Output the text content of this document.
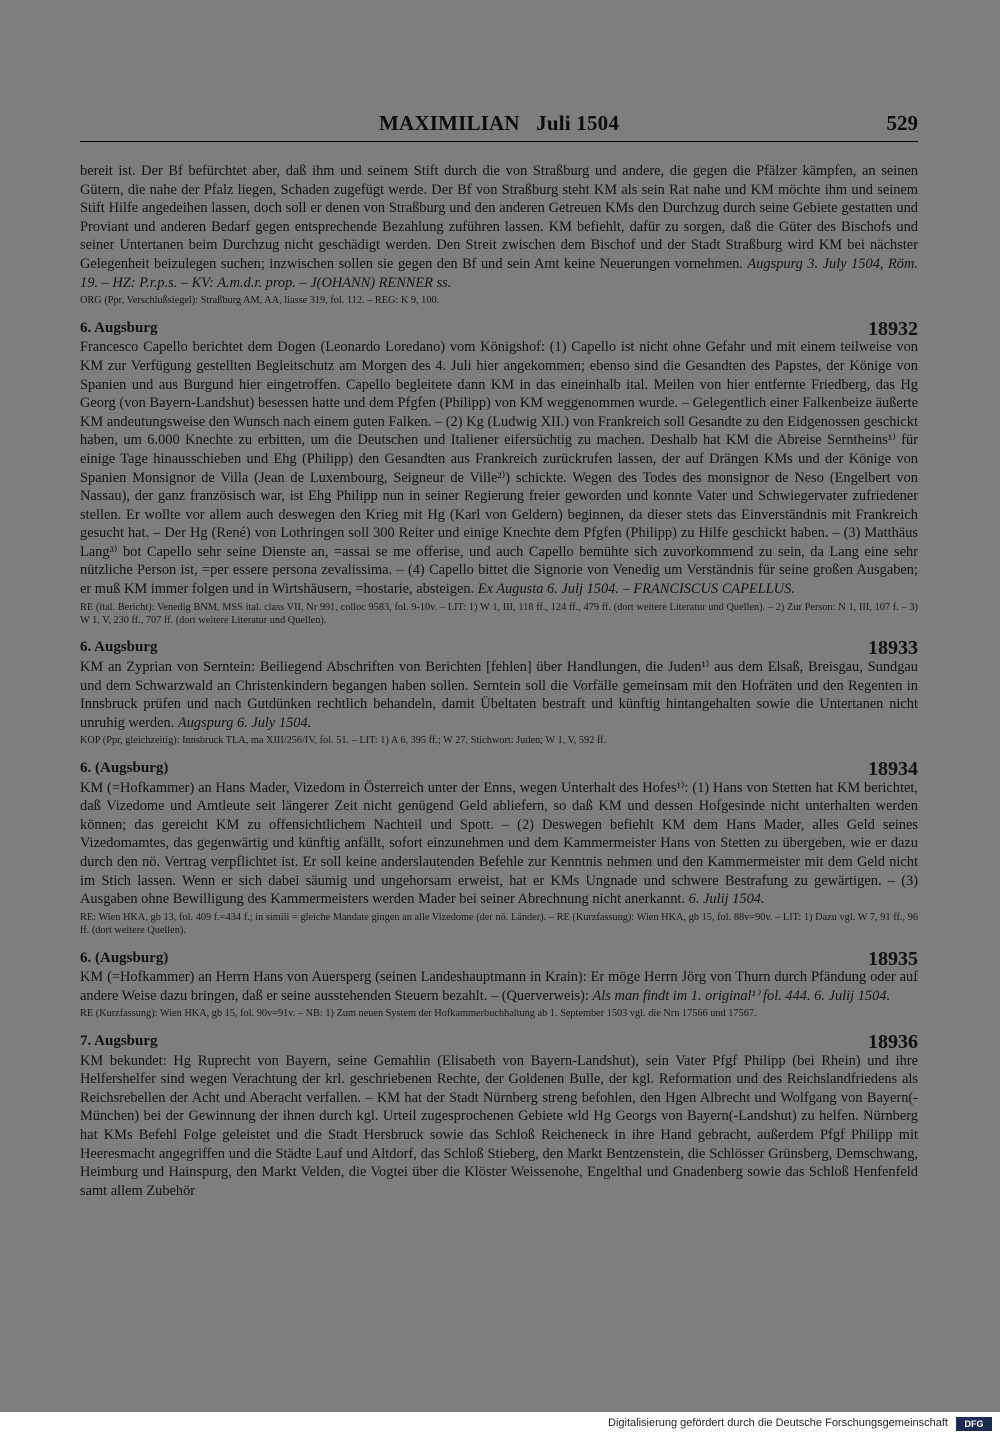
MAXIMILIAN Juli 1504	529

bereit ist. Der Bf befürchtet aber, daß ihm und seinem Stift durch die von Straßburg und andere, die gegen die Pfälzer kämpfen, an seinen Gütern, die nahe der Pfalz liegen, Schaden zugefügt werde. Der Bf von Straßburg steht KM als sein Rat nahe und KM möchte ihm und seinem Stift Hilfe angedeihen lassen, doch soll er denen von Straßburg und den anderen Getreuen KMs den Durchzug durch seine Gebiete gestatten und Proviant und anderen Bedarf gegen entsprechende Bezahlung zuführen lassen. KM befiehlt, dafür zu sorgen, daß die Güter des Bischofs und seiner Untertanen beim Durchzug nicht geschädigt werden. Den Streit zwischen dem Bischof und der Stadt Straßburg wird KM bei nächster Gelegenheit beizulegen suchen; inzwischen sollen sie gegen den Bf und sein Amt keine Neuerungen vornehmen. Augspurg 3. July 1504, Röm. 19. – HZ: P.r.p.s. – KV: A.m.d.r. prop. – J(OHANN) RENNER ss.

ORG (Ppr, Verschlußsiegel): Straßburg AM, AA, liasse 319, fol. 112. – REG: K 9, 100.

6. Augsburg	18932

Francesco Capello berichtet dem Dogen (Leonardo Loredano) vom Königshof: (1) Capello ist nicht ohne Gefahr und mit einem teilweise von KM zur Verfügung gestellten Begleitschutz am Morgen des 4. Juli hier angekommen; ebenso sind die Gesandten des Papstes, der Könige von Spanien und aus Burgund hier eingetroffen. Capello begleitete dann KM in das eineinhalb ital. Meilen von hier entfernte Friedberg, das Hg Georg (von Bayern-Landshut) besessen hatte und dem Pfgfen (Philipp) von KM weggenommen wurde. – Gelegentlich einer Falkenbeize äußerte KM andeutungsweise den Wunsch nach einem guten Falken. – (2) Kg (Ludwig XII.) von Frankreich soll Gesandte zu den Eidgenossen geschickt haben, um 6.000 Knechte zu erbitten, um die Deutschen und Italiener eifersüchtig zu machen. Deshalb hat KM die Abreise Serntheins¹⁾ für einige Tage hinausschieben und Ehg (Philipp) den Gesandten aus Frankreich zurückrufen lassen, der auf Drängen KMs und der Könige von Spanien Monsignor de Villa (Jean de Luxembourg, Seigneur de Ville²⁾) schickte. Wegen des Todes des monsignor de Neso (Engelbert von Nassau), der ganz französisch war, ist Ehg Philipp nun in seiner Regierung freier geworden und konnte Vater und Schwiegervater zufriedener stellen. Er wollte vor allem auch deswegen den Krieg mit Hg (Karl von Geldern) beginnen, da dieser stets das Einverständnis mit Frankreich gesucht hat. – Der Hg (René) von Lothringen soll 300 Reiter und einige Knechte dem Pfgfen (Philipp) zu Hilfe geschickt haben. – (3) Matthäus Lang³⁾ bot Capello sehr seine Dienste an, =assai se me offerise, und auch Capello bemühte sich zuvorkommend zu sein, da Lang eine sehr nützliche Person ist, =per essere persona zevalissima. – (4) Capello bittet die Signorie von Venedig um Verständnis für seine großen Ausgaben; er muß KM immer folgen und in Wirtshäusern, =hostarie, absteigen. Ex Augusta 6. Julj 1504. – FRANCISCUS CAPELLUS.

RE (ital. Bericht): Venedig BNM, MSS ital. class VII, Nr 991, colloc 9583, fol. 9-10v. – LIT: 1) W 1, III, 118 ff., 124 ff., 479 ff. (dort weitere Literatur und Quellen). – 2) Zur Person: N 1, III, 107 f. – 3) W 1, V, 230 ff., 707 ff. (dort weitere Literatur und Quellen).

6. Augsburg	18933

KM an Zyprian von Serntein: Beiliegend Abschriften von Berichten [fehlen] über Handlungen, die Juden¹⁾ aus dem Elsaß, Breisgau, Sundgau und dem Schwarzwald an Christenkindern begangen haben sollen. Serntein soll die Vorfälle gemeinsam mit den Hofräten und den Regenten in Innsbruck prüfen und nach Gutdünken rechtlich behandeln, damit Übeltaten bestraft und künftig hintangehalten sowie die Untertanen nicht unruhig werden. Augspurg 6. July 1504.

KOP (Ppr, gleichzeitig): Innsbruck TLA, ma XIII/256/IV, fol. 51. – LIT: 1) A 6, 395 ff.; W 27, Stichwort: Juden; W 1, V, 592 ff.

6. (Augsburg)	18934

KM (=Hofkammer) an Hans Mader, Vizedom in Österreich unter der Enns, wegen Unterhalt des Hofes¹⁾: (1) Hans von Stetten hat KM berichtet, daß Vizedome und Amtleute seit längerer Zeit nicht genügend Geld abliefern, so daß KM und dessen Hofgesinde nicht unterhalten werden können; das gereicht KM zu offensichtlichem Nachteil und Spott. – (2) Deswegen befiehlt KM dem Hans Mader, alles Geld seines Vizedomamtes, das gegenwärtig und künftig anfällt, sofort einzunehmen und dem Kammermeister Hans von Stetten zu übergeben, wie er dazu durch den nö. Vertrag verpflichtet ist. Er soll keine anderslautenden Befehle zur Kenntnis nehmen und den Kammermeister mit dem Geld nicht im Stich lassen. Wenn er sich dabei säumig und ungehorsam erweist, hat er KMs Ungnade und schwere Bestrafung zu gewärtigen. – (3) Ausgaben ohne Bewilligung des Kammermeisters werden Mader bei seiner Abrechnung nicht anerkannt. 6. Julij 1504.

RE: Wien HKA, gb 13, fol. 409 f.=434 f.; in simili = gleiche Mandate gingen an alle Vizedome (der nö. Länder). – RE (Kurzfassung): Wien HKA, gb 15, fol. 88v=90v. – LIT: 1) Dazu vgl. W 7, 91 ff., 96 ff. (dort weitere Quellen).

6. (Augsburg)	18935

KM (=Hofkammer) an Herrn Hans von Auersperg (seinen Landeshauptmann in Krain): Er möge Herrn Jörg von Thurn durch Pfändung oder auf andere Weise dazu bringen, daß er seine ausstehenden Steuern bezahlt. – (Querverweis): Als man findt im 1. original¹⁾ fol. 444. 6. Julij 1504.

RE (Kurzfassung): Wien HKA, gb 15, fol. 90v=91v. – NB: 1) Zum neuen System der Hofkammerbuchhaltung ab 1. September 1503 vgl. die Nrn 17566 und 17567.

7. Augsburg	18936

KM bekundet: Hg Ruprecht von Bayern, seine Gemahlin (Elisabeth von Bayern-Landshut), sein Vater Pfgf Philipp (bei Rhein) und ihre Helfershelfer sind wegen Verachtung der krl. geschriebenen Rechte, der Goldenen Bulle, der kgl. Reformation und des Reichslandfriedens als Reichsrebellen der Acht und Aberacht verfallen. – KM hat der Stadt Nürnberg streng befohlen, den Hgen Albrecht und Wolfgang von Bayern(-München) bei der Gewinnung der ihnen durch kgl. Urteil zugesprochenen Gebiete wld Hg Georgs von Bayern(-Landshut) zu helfen. Nürnberg hat KMs Befehl Folge geleistet und die Stadt Hersbruck sowie das Schloß Reicheneck in ihre Hand gebracht, außerdem Pfgf Philipp mit Heeresmacht angegriffen und die Städte Lauf und Altdorf, das Schloß Stieberg, den Markt Bentzenstein, die Schlösser Grünsberg, Demschwang, Heimburg und Hainspurg, den Markt Velden, die Vogtei über die Klöster Weissenohe, Engelthal und Gnadenberg sowie das Schloß Henfenfeld samt allem Zubehör

Digitalisierung gefördert durch die Deutsche Forschungsgemeinschaft	DFG
